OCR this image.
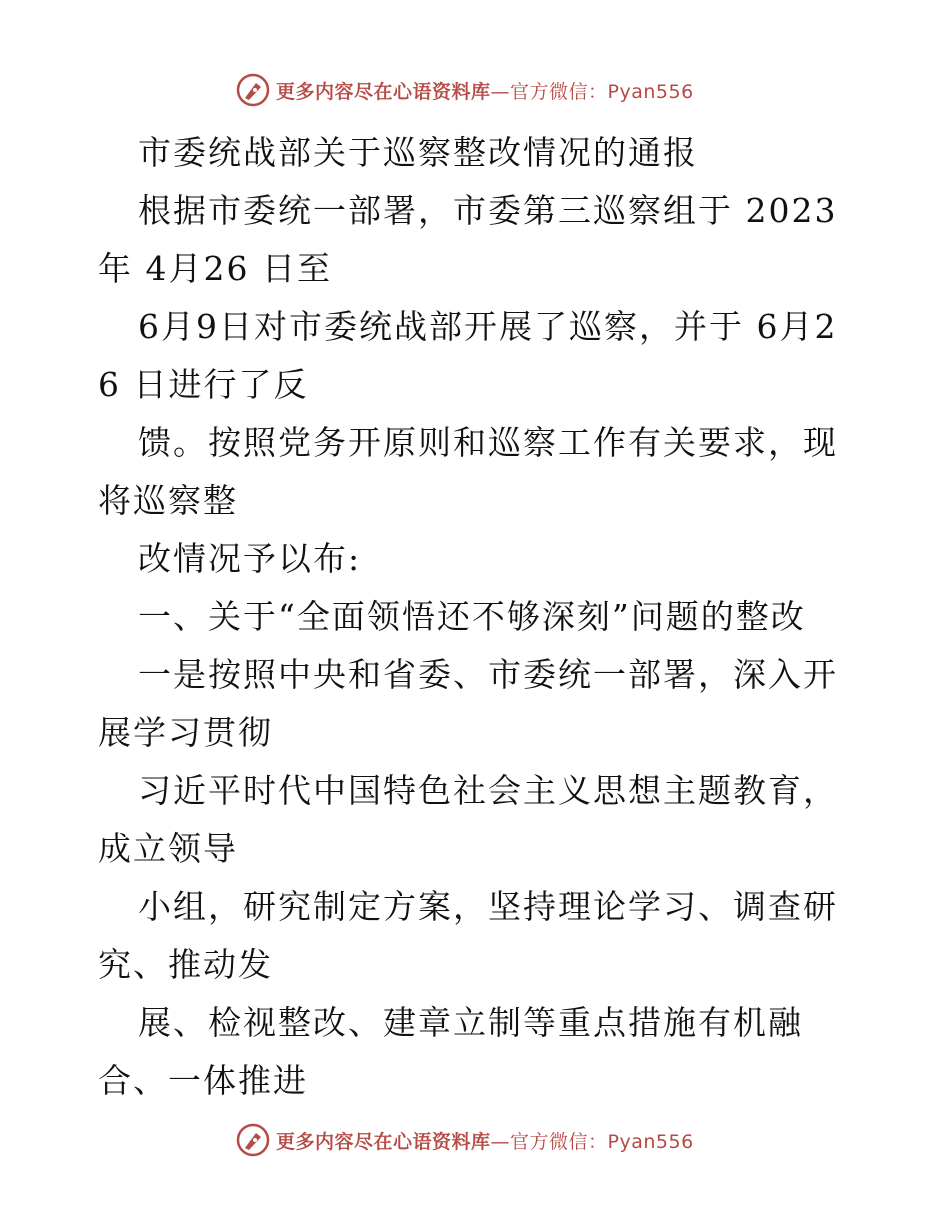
更多内容尽在心语资料库—官方微信：Pyan556

市委统战部关于巡察整改情况的通报

根据市委统一部署，市委第三巡察组于 2023 年 4月26 日至

6月9日对市委统战部开展了巡察，并于 6月26 日进行了反

馈。按照党务开原则和巡察工作有关要求，现将巡察整

改情况予以布:

一、关于“全面领悟还不够深刻”问题的整改

一是按照中央和省委、市委统一部署，深入开展学习贯彻

习近平时代中国特色社会主义思想主题教育，成立领导

小组，研究制定方案，坚持理论学习、调查研究、推动发

展、检视整改、建章立制等重点措施有机融合、一体推进

更多内容尽在心语资料库—官方微信：Pyan556
